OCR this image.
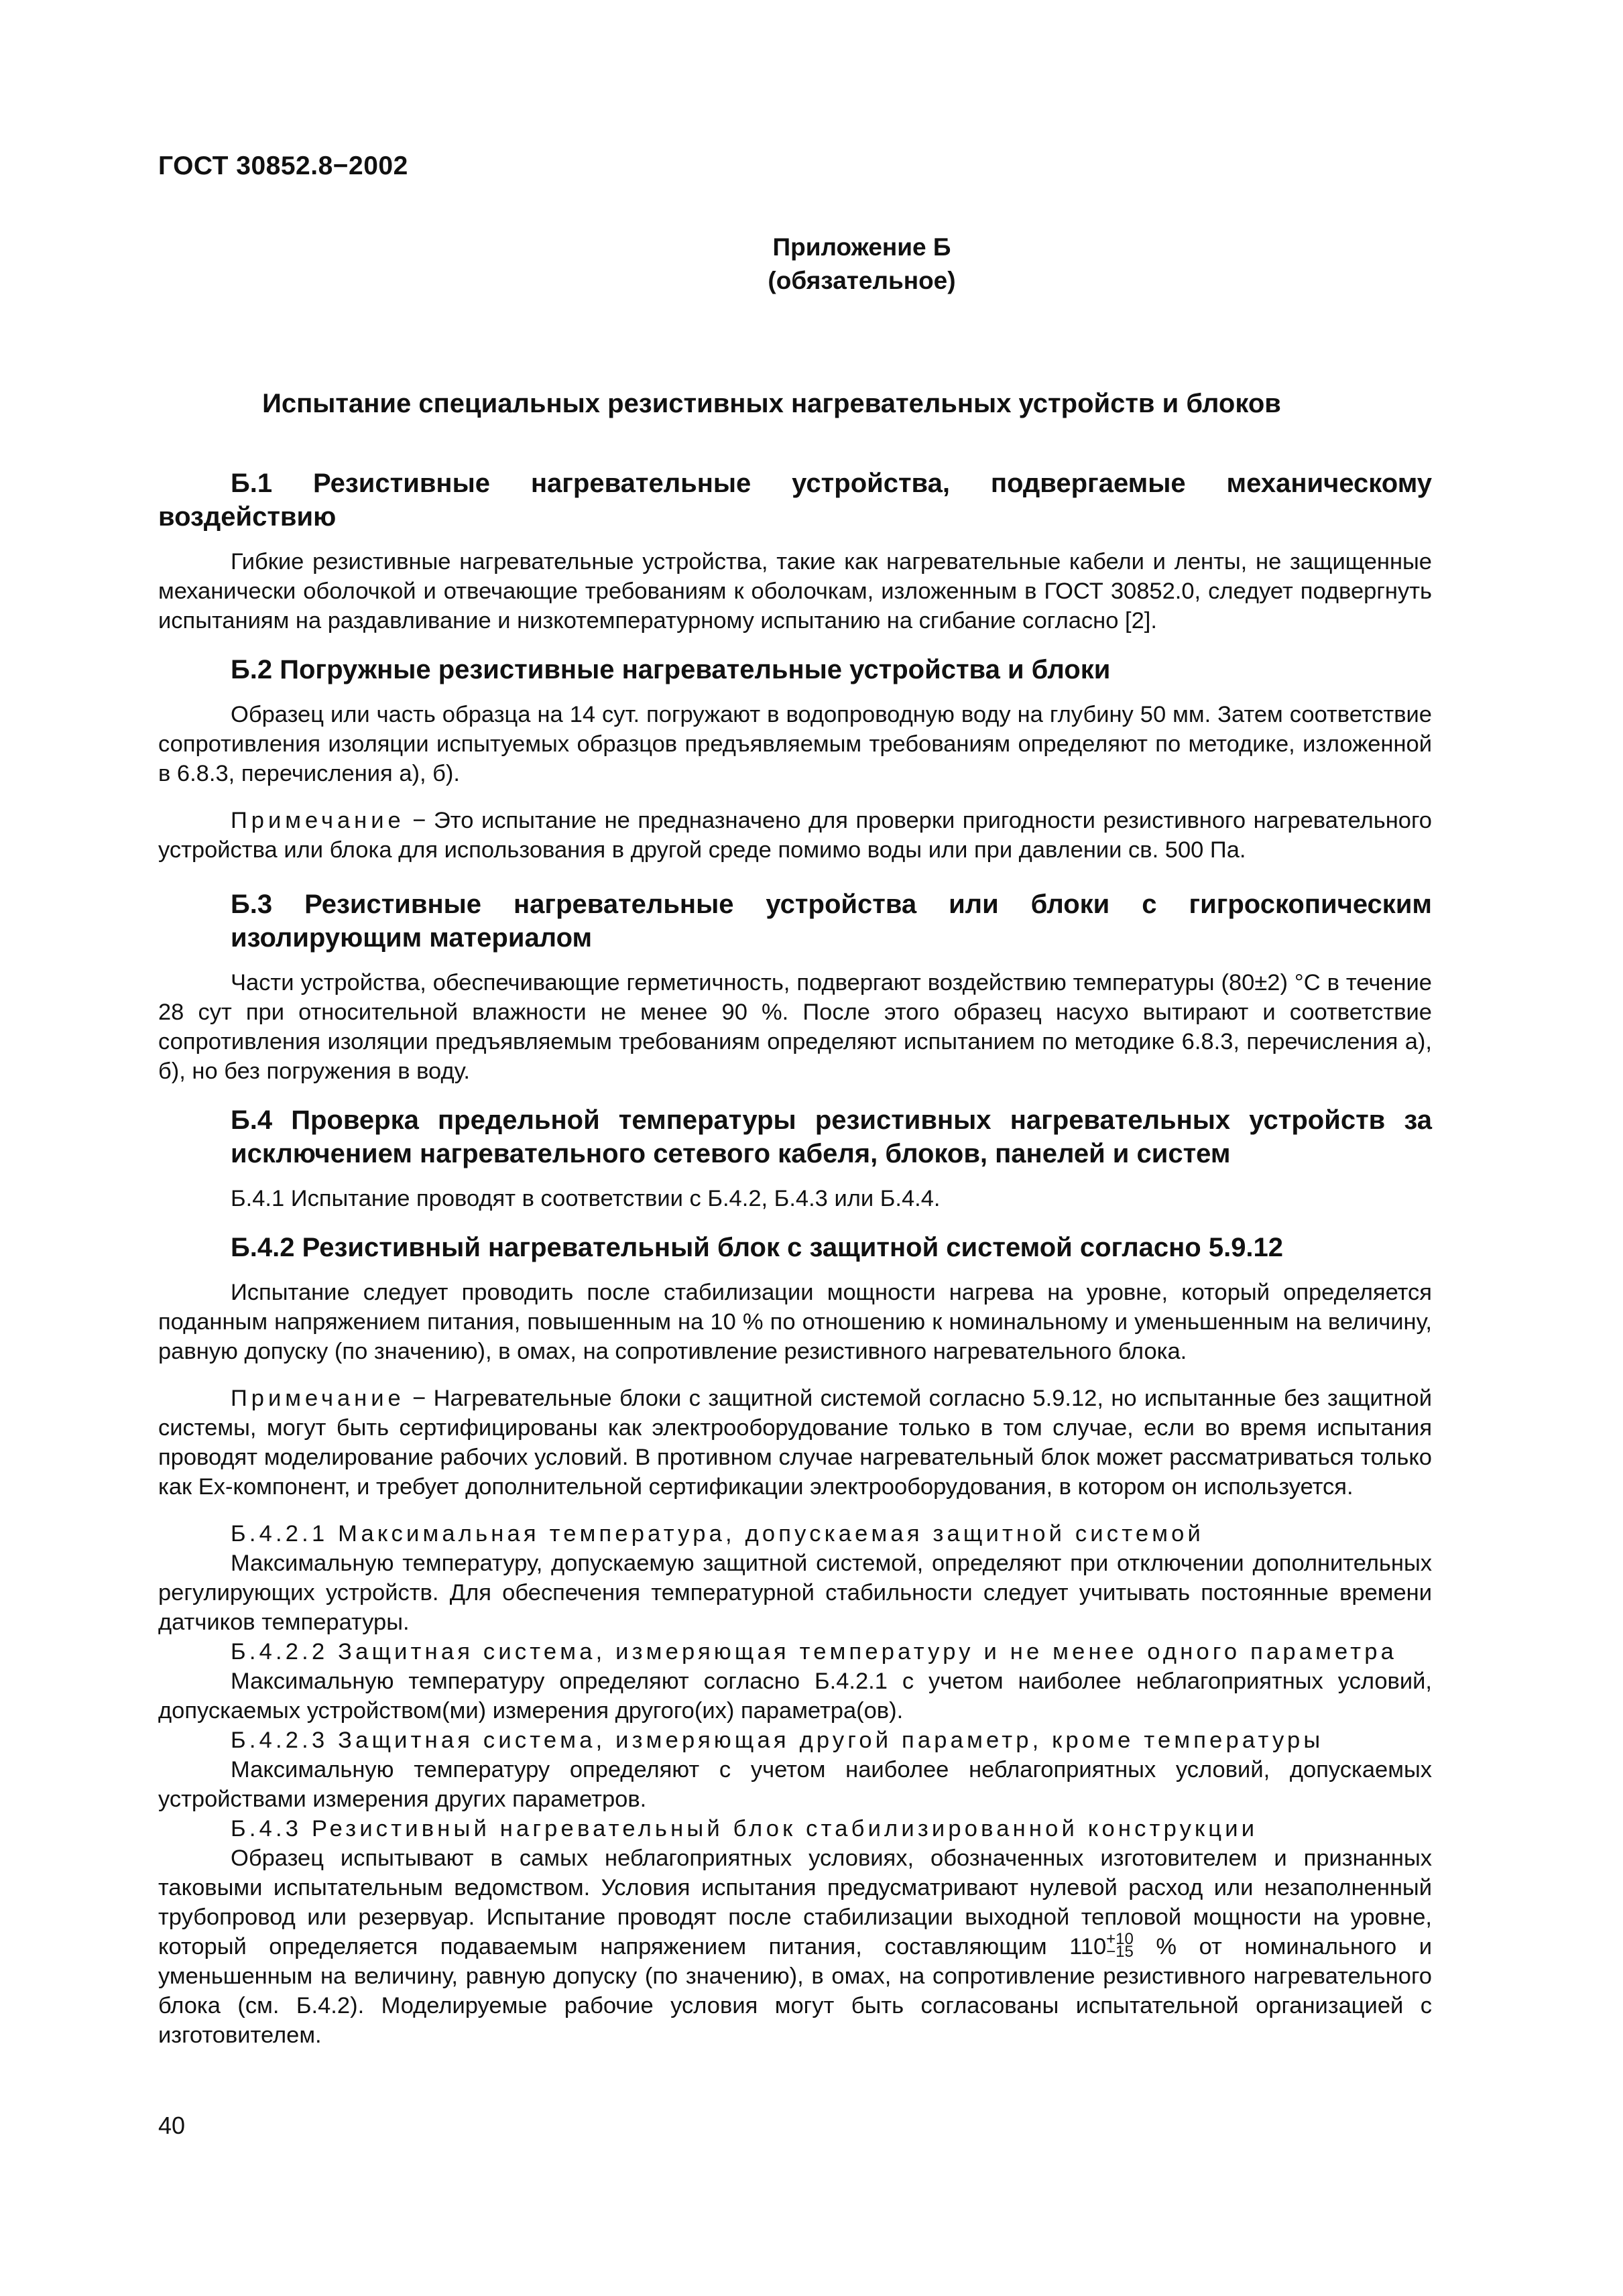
ГОСТ 30852.8−2002
Приложение Б
(обязательное)
Испытание специальных резистивных нагревательных устройств и блоков
Б.1 Резистивные нагревательные устройства, подвергаемые механическому воздействию

Гибкие резистивные нагревательные устройства, такие как нагревательные кабели и ленты, не защищенные механически оболочкой и отвечающие требованиям к оболочкам, изложенным в ГОСТ 30852.0, следует подвергнуть испытаниям на раздавливание и низкотемпературному испытанию на сгибание согласно [2].

Б.2 Погружные резистивные нагревательные устройства и блоки

Образец или часть образца на 14 сут. погружают в водопроводную воду на глубину 50 мм. Затем соответствие сопротивления изоляции испытуемых образцов предъявляемым требованиям определяют по методике, изложенной в 6.8.3, перечисления а), б).

Примечание − Это испытание не предназначено для проверки пригодности резистивного нагревательного устройства или блока для использования в другой среде помимо воды или при давлении св. 500 Па.

Б.3 Резистивные нагревательные устройства или блоки с гигроскопическим изолирующим материалом

Части устройства, обеспечивающие герметичность, подвергают воздействию температуры (80±2) °С в течение 28 сут при относительной влажности не менее 90 %. После этого образец насухо вытирают и соответствие сопротивления изоляции предъявляемым требованиям определяют испытанием по методике 6.8.3, перечисления а), б), но без погружения в воду.

Б.4 Проверка предельной температуры резистивных нагревательных устройств за исключением нагревательного сетевого кабеля, блоков, панелей и систем

Б.4.1 Испытание проводят в соответствии с Б.4.2, Б.4.3 или Б.4.4.

Б.4.2 Резистивный нагревательный блок с защитной системой согласно 5.9.12

Испытание следует проводить после стабилизации мощности нагрева на уровне, который определяется поданным напряжением питания, повышенным на 10 % по отношению к номинальному и уменьшенным на величину, равную допуску (по значению), в омах, на сопротивление резистивного нагревательного блока.

Примечание − Нагревательные блоки с защитной системой согласно 5.9.12, но испытанные без защитной системы, могут быть сертифицированы как электрооборудование только в том случае, если во время испытания проводят моделирование рабочих условий. В противном случае нагревательный блок может рассматриваться только как Ех-компонент, и требует дополнительной сертификации электрооборудования, в котором он используется.

Б.4.2.1 Максимальная температура, допускаемая защитной системой

Максимальную температуру, допускаемую защитной системой, определяют при отключении дополнительных регулирующих устройств. Для обеспечения температурной стабильности следует учитывать постоянные времени датчиков температуры.

Б.4.2.2 Защитная система, измеряющая температуру и не менее одного параметра

Максимальную температуру определяют согласно Б.4.2.1 с учетом наиболее неблагоприятных условий, допускаемых устройством(ми) измерения другого(их) параметра(ов).

Б.4.2.3 Защитная система, измеряющая другой параметр, кроме температуры

Максимальную температуру определяют с учетом наиболее неблагоприятных условий, допускаемых устройствами измерения других параметров.

Б.4.3 Резистивный нагревательный блок стабилизированной конструкции

Образец испытывают в самых неблагоприятных условиях, обозначенных изготовителем и признанных таковыми испытательным ведомством. Условия испытания предусматривают нулевой расход или незаполненный трубопровод или резервуар. Испытание проводят после стабилизации выходной тепловой мощности на уровне, который определяется подаваемым напряжением питания, составляющим 110 +10
−15 % от номинального и уменьшенным на величину, равную допуску (по значению), в омах, на сопротивление резистивного нагревательного блока (см. Б.4.2). Моделируемые рабочие условия могут быть согласованы испытательной организацией с изготовителем.

40
